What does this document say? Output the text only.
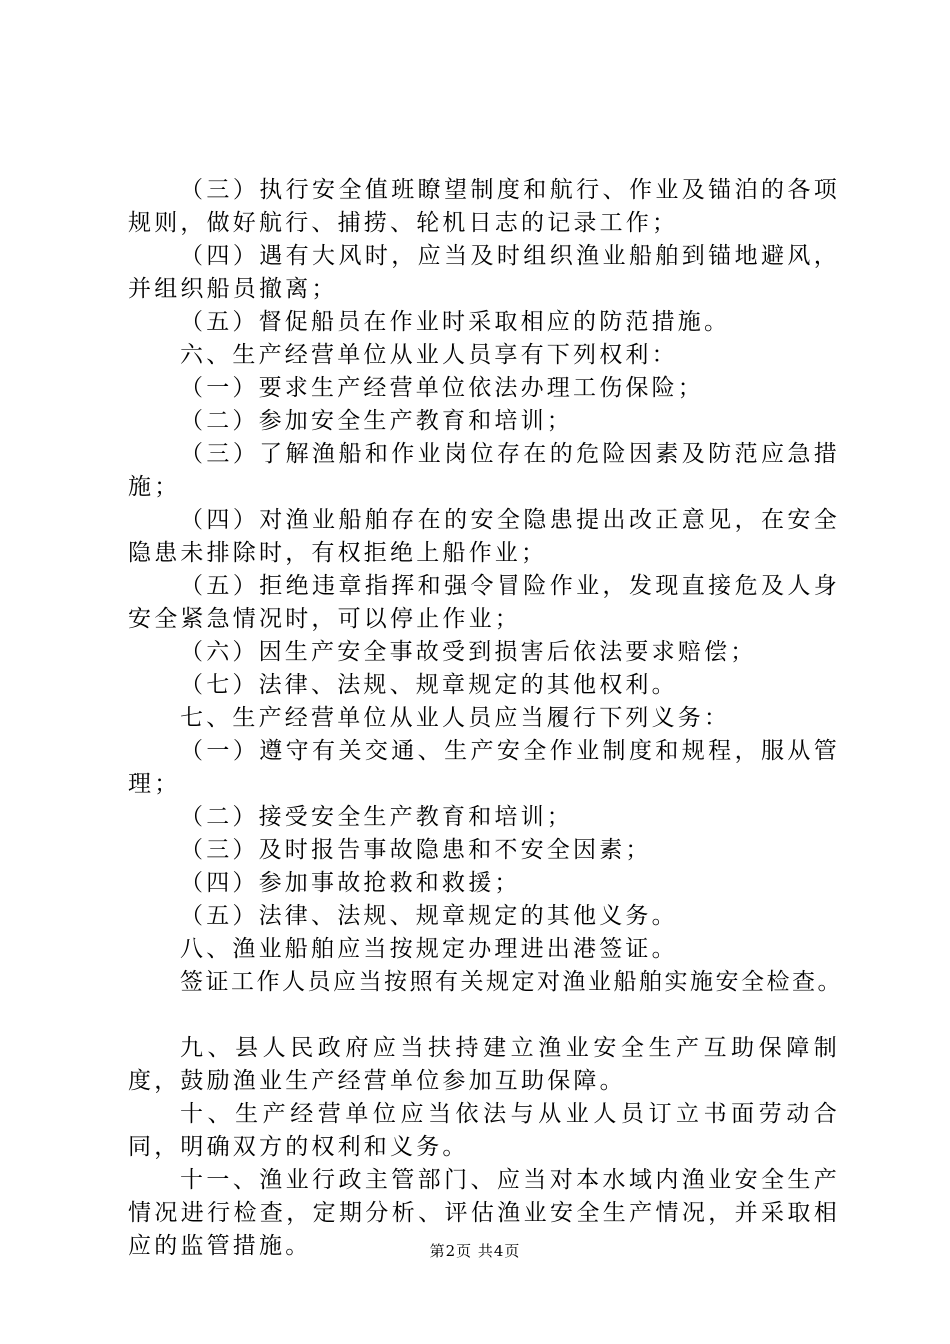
（三）执行安全值班瞭望制度和航行、作业及锚泊的各项规则，做好航行、捕捞、轮机日志的记录工作；

（四）遇有大风时，应当及时组织渔业船舶到锚地避风，并组织船员撤离；

（五）督促船员在作业时采取相应的防范措施。

六、生产经营单位从业人员享有下列权利：

（一）要求生产经营单位依法办理工伤保险；

（二）参加安全生产教育和培训；

（三）了解渔船和作业岗位存在的危险因素及防范应急措施；

（四）对渔业船舶存在的安全隐患提出改正意见，在安全隐患未排除时，有权拒绝上船作业；

（五）拒绝违章指挥和强令冒险作业，发现直接危及人身安全紧急情况时，可以停止作业；

（六）因生产安全事故受到损害后依法要求赔偿；

（七）法律、法规、规章规定的其他权利。

七、生产经营单位从业人员应当履行下列义务：

（一）遵守有关交通、生产安全作业制度和规程，服从管理；

（二）接受安全生产教育和培训；

（三）及时报告事故隐患和不安全因素；

（四）参加事故抢救和救援；

（五）法律、法规、规章规定的其他义务。

八、渔业船舶应当按规定办理进出港签证。

签证工作人员应当按照有关规定对渔业船舶实施安全检查。

九、县人民政府应当扶持建立渔业安全生产互助保障制度，鼓励渔业生产经营单位参加互助保障。

十、生产经营单位应当依法与从业人员订立书面劳动合同，明确双方的权利和义务。

十一、渔业行政主管部门、应当对本水域内渔业安全生产情况进行检查，定期分析、评估渔业安全生产情况，并采取相应的监管措施。	第2页 共4页
